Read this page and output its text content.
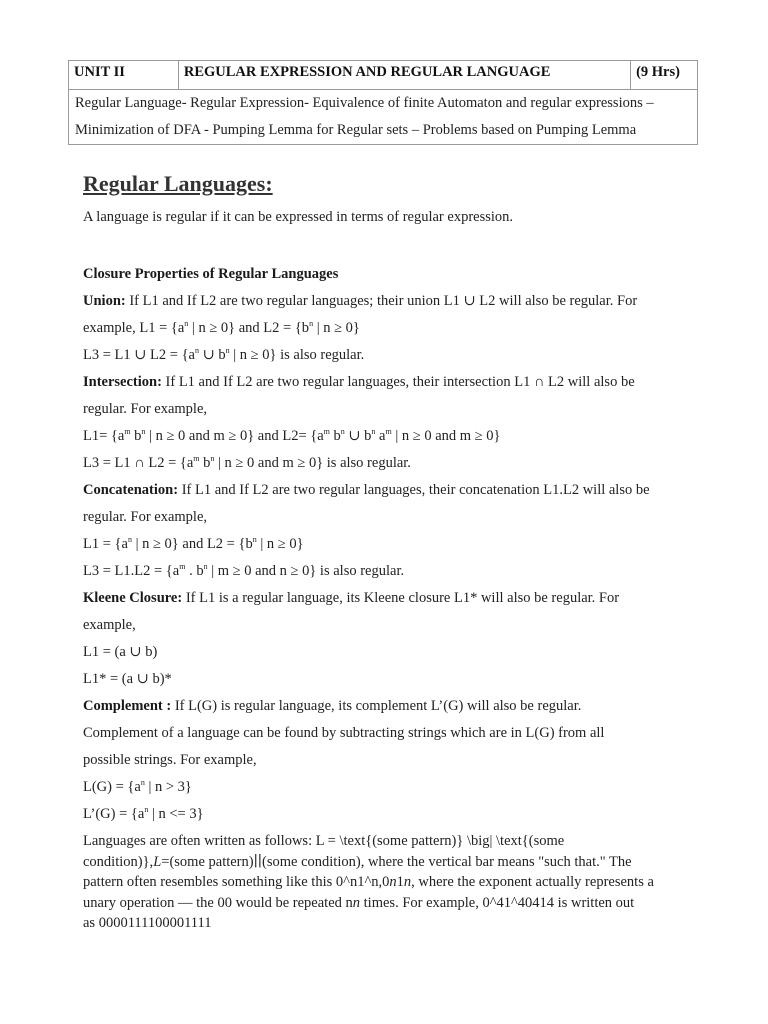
UNIT II	REGULAR EXPRESSION AND REGULAR LANGUAGE	(9 Hrs)

Regular Language- Regular Expression- Equivalence of finite Automaton and regular expressions –
Minimization of DFA - Pumping Lemma for Regular sets – Problems based on Pumping Lemma
Regular Languages:

A language is regular if it can be expressed in terms of regular expression.

Closure Properties of Regular Languages

Union: If L1 and If L2 are two regular languages; their union L1 ∪ L2 will also be regular. For

example, $L1 = \{a^n$ | n ≥ 0} and $L2 = \{b^n$ | n ≥ 0}

L3 = L1 ∪ $L2 = \{a^n$ ∪ $b^n$ | n ≥ 0} is also regular.

Intersection: If L1 and If L2 are two regular languages, their intersection L1 ∩ L2 will also be

regular. For example,

$L1= \{a^m$ $b^n$ | n ≥ 0 and m ≥ 0} and $L2= \{a^m$ $b^n$ ∪ $b^n$ $a^m$ | n ≥ 0 and m ≥ 0}

L3 = L1 ∩ $L2 = \{a^m$ $b^n$ | n ≥ 0 and m ≥ 0} is also regular.

Concatenation: If L1 and If L2 are two regular languages, their concatenation L1.L2 will also be

regular. For example,

$L1 = \{a^n$ | n ≥ 0} and $L2 = \{b^n$ | n ≥ 0}

$L3 = L1.L2 = \{a^m$ . $b^n$ | m ≥ 0 and n ≥ 0} is also regular.

Kleene Closure: If L1 is a regular language, its Kleene closure L1* will also be regular. For

example,

L1 = (a ∪ b)

L1* = (a ∪ b)*

Complement : If L(G) is regular language, its complement L’(G) will also be regular.

Complement of a language can be found by subtracting strings which are in L(G) from all

possible strings. For example,

$L(G) = \{a^n$ | n > 3}

L’(G) = {$a^n$ | n <= 3}

Languages are often written as follows: L = \text{(some pattern)} \big| \text{(some
condition)},L=(some pattern)∣∣(some condition), where the vertical bar means "such that." The
pattern often resembles something like this 0^n1^n,0n1n, where the exponent actually represents a
unary operation — the 00 would be repeated nn times. For example, 0^41^40414 is written out
as 0000111100001111
